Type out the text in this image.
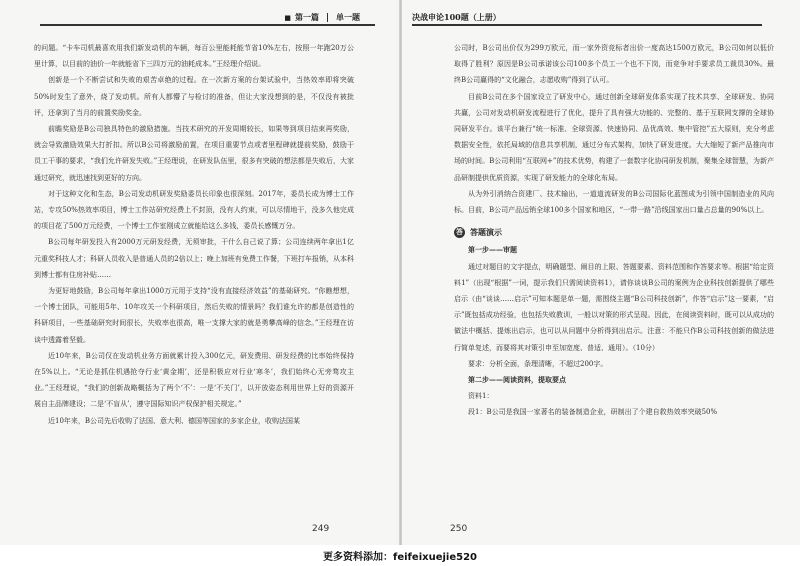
■ 第一篇 单一题

的问题。“卡车司机最喜欢用我们新发动机的车辆，每百公里能耗能节省10%左右，按照一年跑20万公里计算，以目前的油价一年就能省下三四万元的油耗成本。”王经理介绍说。

创新是一个不断尝试和失败的艰苦卓绝的过程。在一次新方案的台架试验中，当热效率即将突破50%时发生了意外，烧了发动机。所有人都懵了与检讨的准备，但让大家没想到的是，不仅没有被批评，还拿到了当月的前置奖励奖金。

前瞻奖励是B公司独具特色的激励措施。当技术研究的开发周期较长，如果等到项目结束再奖励，就会导致激励效果大打折扣。所以B公司将激励前置，在项目重要节点或者里程碑就提前奖励，鼓励干员工干事的要求，“我们允许研发失败。”王经理说，在研发队伍里，很多有突破的想法都是失败后，大家通过研究，就迅速找到更好的方向。

对于这种文化和生态，B公司发动机研发奖励委员长印象也很深刻。2017年，委员长成为博士工作站，专攻50%热效率项目，博士工作站研究经费上不封顶，没有人约束，可以尽情地干，没多久他完成的项目花了500万元经费，一个博士工作室刚成立就能给这么多钱，委员长感慨万分。

B公司每年研发投入有2000万元研发经费，无须审批，干什么自己说了算；公司连续两年拿出1亿元重奖科技人才；科研人员收入是普通人员的2倍以上；晚上加班有免费工作餐，下班打车报销，从本科到博士都有住房补贴……

为更好地鼓励，B公司每年拿出1000万元用于支持“没有直接经济效益”的基础研究。“你瞧想想，一个博士团队，可能用5年、10年攻关一个科研项目，然后失败的情景吗？我们谁允许的都是创造性的科研项目，一些基础研究时间很长，失败率也很高，唯一支撑大家的就是勇攀高峰的信念。”王经理在访谈中透露着坚毅。

近10年来，B公司仅在发动机业务方面就累计投入300亿元，研发费用、研发经费的比率始终保持在5%以上。“无论是抓住机遇抢夺行业‘黄金期’，还是积极应对行业‘寒冬’，我们始终心无旁骛攻主业。”王经理说，“我们的创新战略概括为了两个‘不’：一是‘不关门’，以开放姿态利用世界上好的资源开展自主品牌建设；二是‘不盲从’，遵守国际知识产权保护相关规定。”

近10年来，B公司先后收购了法国、意大利、德国等国家的多家企业，收购法国某

249
决战申论100题（上册）

公司时，B公司出价仅为299万欧元，而一家外资竞标者出价一度高达1500万欧元，B公司如何以低价取得了胜利？原因是B公司承诺该公司100多个员工一个也不下岗，而竞争对手要求员工裁员30%。最终B公司赢得的“文化融合，志愿收购”得到了认可。

目前B公司在多个国家设立了研发中心，通过创新全球研发体系实现了技术共享、全球研发、协同共赢，公司对发动机研发流程进行了优化，提升了具有强大功能的、完整的、基于互联网支撑的全球协同研发平台。该平台兼行“统一标准、全球资源、快速协同、品优高效、集中管控”五大原则，充分考虑数据安全性，依托局域的信息共享机制，通过分布式架构，加快了研发进度。大大缩短了新产品推向市场的时间。B公司利用“互联网+”的技术优势，构建了一套数字化协同研发机制，聚集全球智慧，为新产品研制提供优质资源，实现了研发能力的全球化布局。

从为外引消纳合资建厂、技术输出，一道道流研发的B公司国际化蓝图成为引领中国制造业的风向标。目前，B公司产品远销全球100多个国家和地区，“一带一路”沿线国家出口量占总量的90%以上。

答 答题演示

第一步——审题

通过对题目的文字提点，明确题型、阐目的上限、答题要素、资料范围和作答要求等。根据“给定资料1”（出现“根据”一词，提示我们只需阅读资料1），请你谈谈B公司的案例为企业科技创新提供了哪些启示（由“谈谈……启示”可知本题是单一题，需围绕主题“B公司科技创新”，作答“启示”这一要素，“启示”既包括成功经验，也包括失败教训，一般以对策的形式呈现。因此，在阅读资料时，既可以从成功的做法中概括、提炼出启示，也可以从问题中分析得到出启示。注意：不能只作B公司科技创新的做法进行简单复述，而要将其对策引申至加宽度、普适、通用）。（10分）

要求：分析全面，条理清晰，不超过200字。

第二步——阅读资料，提取要点

资料1：

段1：B公司是我国一家著名的装备制造企业，研制出了个建自救热效率突破50%

250
更多资料添加：feifeixuejie520
